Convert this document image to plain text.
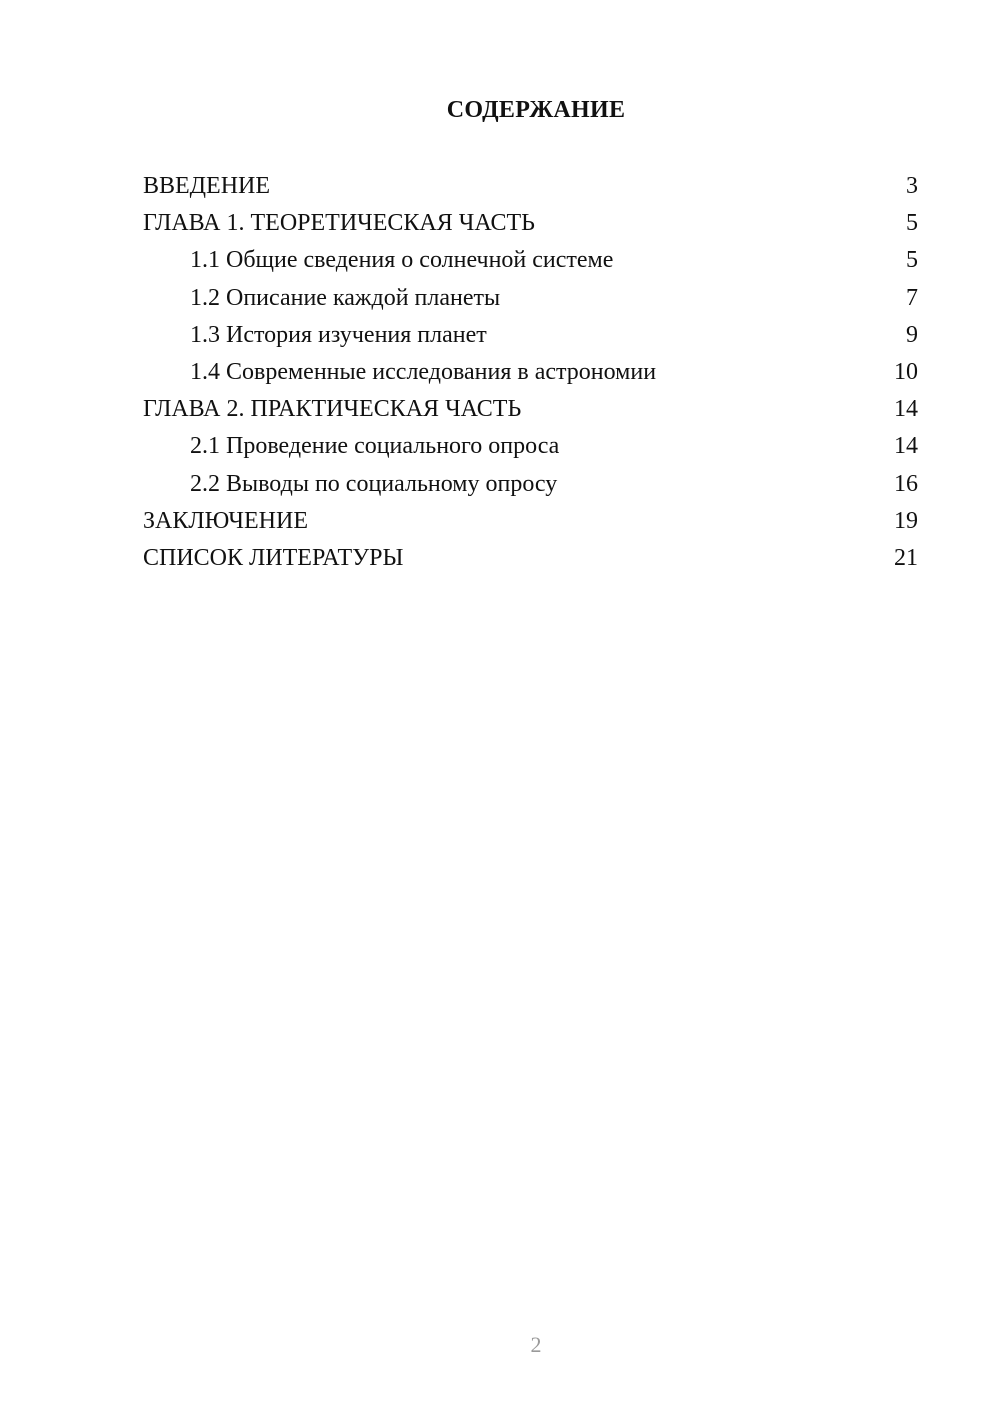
СОДЕРЖАНИЕ
ВВЕДЕНИЕ	3
ГЛАВА 1. ТЕОРЕТИЧЕСКАЯ ЧАСТЬ	5
1.1 Общие сведения о солнечной системе	5
1.2 Описание каждой планеты	7
1.3 История изучения планет	9
1.4 Современные исследования в астрономии	10
ГЛАВА 2. ПРАКТИЧЕСКАЯ ЧАСТЬ	14
2.1 Проведение социального опроса	14
2.2 Выводы по социальному опросу	16
ЗАКЛЮЧЕНИЕ	19
СПИСОК ЛИТЕРАТУРЫ	21
2
